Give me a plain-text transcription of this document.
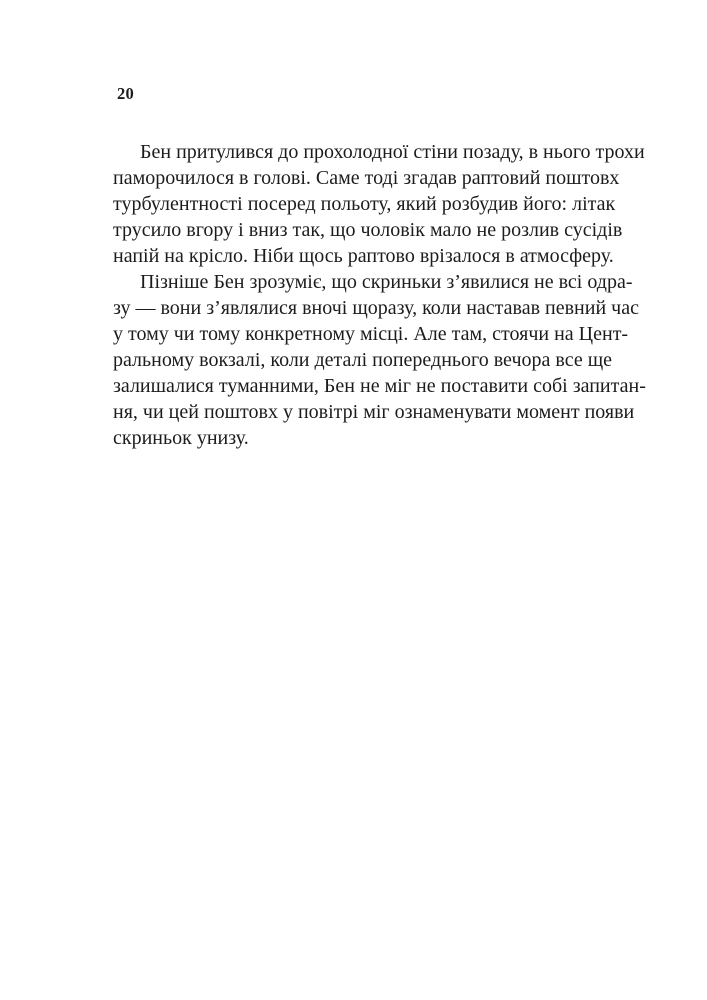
20
Бен притулився до прохолодної стіни позаду, в нього трохи
паморочилося в голові. Саме тоді згадав раптовий поштовх
турбулентності посеред польоту, який розбудив його: літак
трусило вгору і вниз так, що чоловік мало не розлив сусідів
напій на крісло. Ніби щось раптово врізалося в атмосферу.
Пізніше Бен зрозуміє, що скриньки з’явилися не всі одра-
зу — вони з’являлися вночі щоразу, коли наставав певний час
у тому чи тому конкретному місці. Але там, стоячи на Цент-
ральному вокзалі, коли деталі попереднього вечора все ще
залишалися туманними, Бен не міг не поставити собі запитан-
ня, чи цей поштовх у повітрі міг ознаменувати момент появи
скриньок унизу.
